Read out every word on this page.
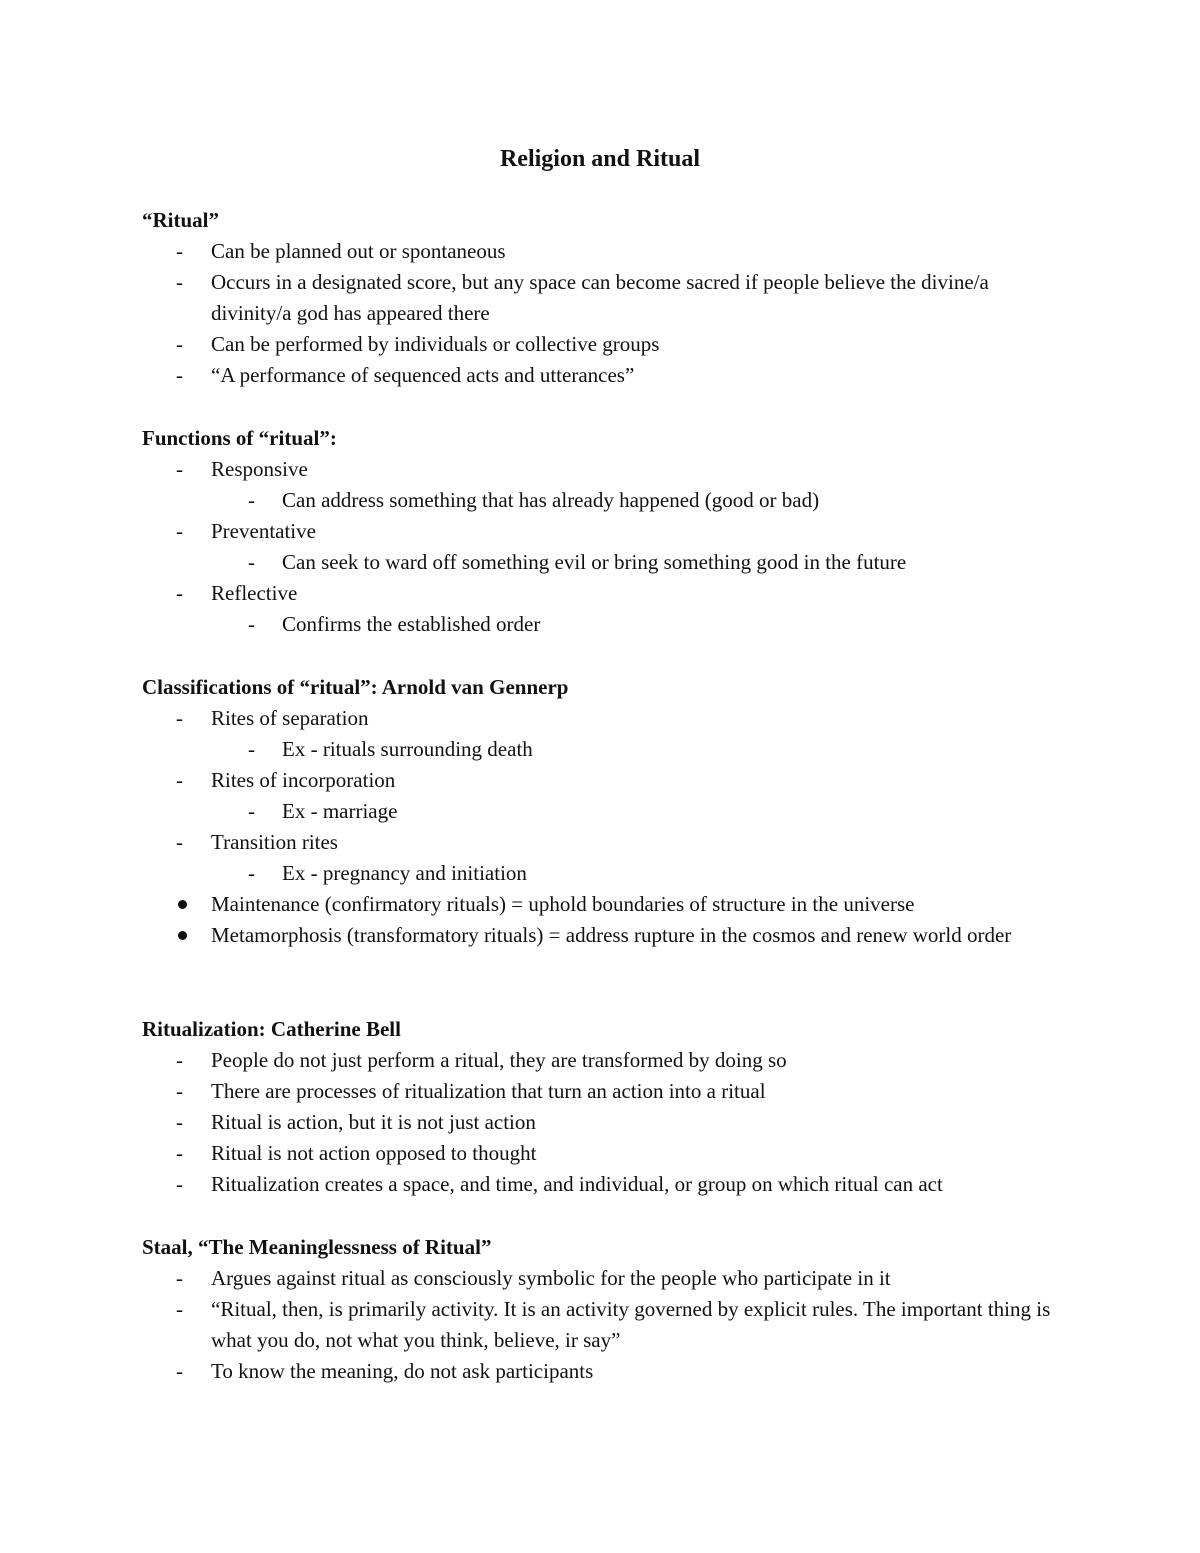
Religion and Ritual
“Ritual”
-	Can be planned out or spontaneous
-	Occurs in a designated score, but any space can become sacred if people believe the divine/a divinity/a god has appeared there
-	Can be performed by individuals or collective groups
-	“A performance of sequenced acts and utterances”
Functions of “ritual”:
-	Responsive
-	Can address something that has already happened (good or bad)
-	Preventative
-	Can seek to ward off something evil or bring something good in the future
-	Reflective
-	Confirms the established order
Classifications of “ritual”: Arnold van Gennerp
-	Rites of separation
-	Ex - rituals surrounding death
-	Rites of incorporation
-	Ex - marriage
-	Transition rites
-	Ex - pregnancy and initiation
Maintenance (confirmatory rituals) = uphold boundaries of structure in the universe
Metamorphosis (transformatory rituals) = address rupture in the cosmos and renew world order
Ritualization: Catherine Bell
-	People do not just perform a ritual, they are transformed by doing so
-	There are processes of ritualization that turn an action into a ritual
-	Ritual is action, but it is not just action
-	Ritual is not action opposed to thought
-	Ritualization creates a space, and time, and individual, or group on which ritual can act
Staal, “The Meaninglessness of Ritual”
-	Argues against ritual as consciously symbolic for the people who participate in it
-	“Ritual, then, is primarily activity. It is an activity governed by explicit rules. The important thing is what you do, not what you think, believe, ir say”
-	To know the meaning, do not ask participants
